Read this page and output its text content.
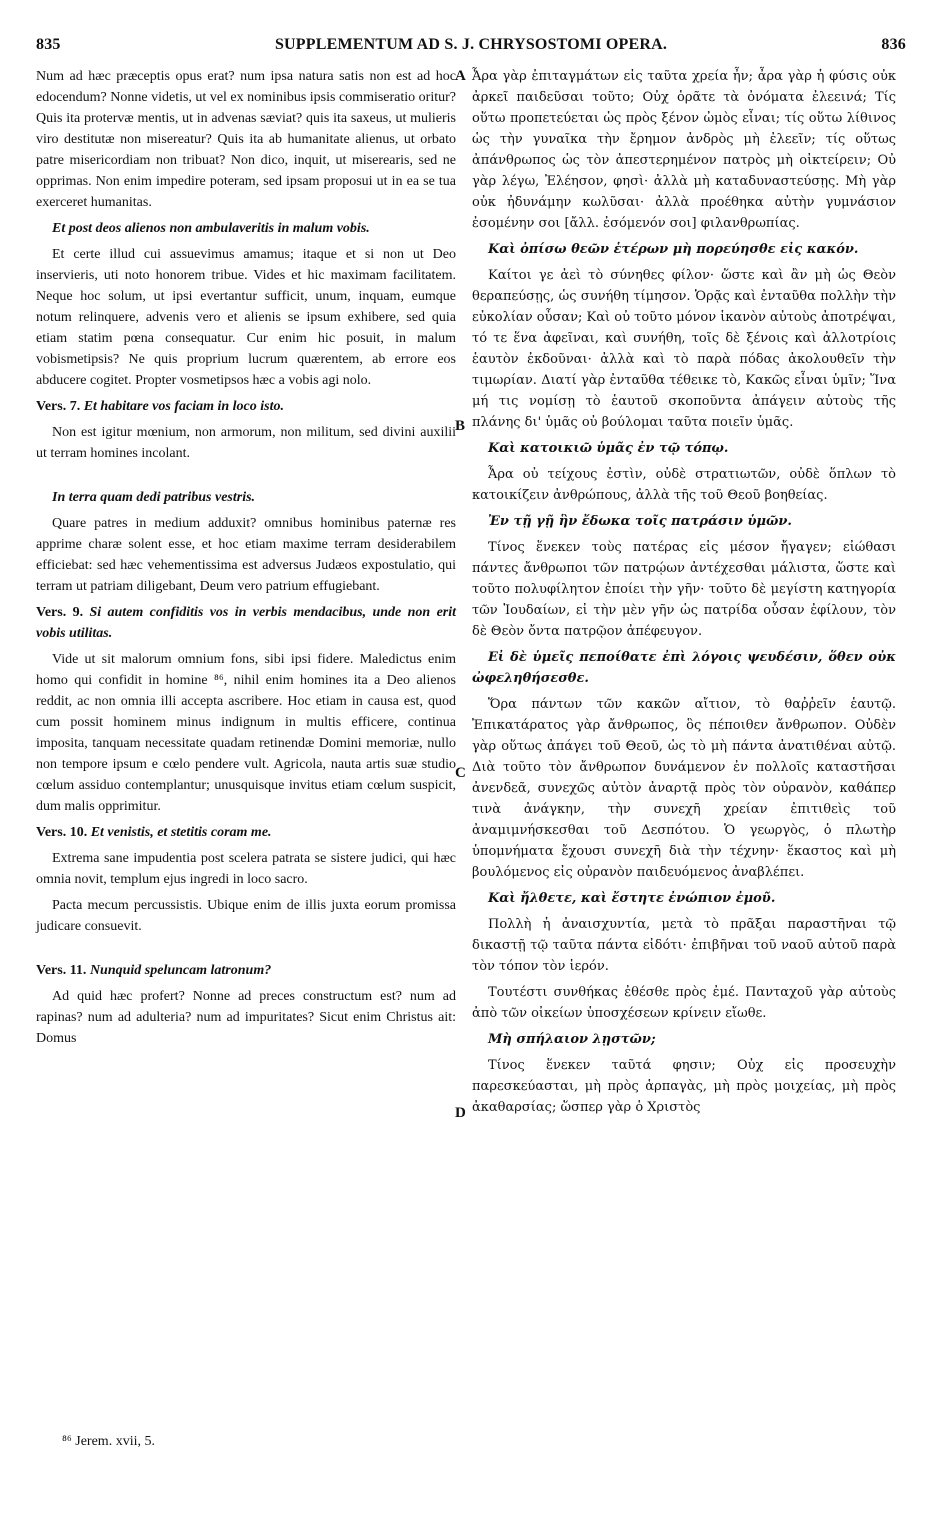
835	SUPPLEMENTUM AD S. J. CHRYSOSTOMI OPERA.	836

Num ad hæc præceptis opus erat? num ipsa natura satis non est ad hoc edocendum? Nonne videtis, ut vel ex nominibus ipsis commiseratio oritur? Quis ita protervæ mentis, ut in advenas sæviat? quis ita saxeus, ut mulieris viro destitutæ non misereatur? Quis ita ab humanitate alienus, ut orbato patre misericordiam non tribuat? Non dico, inquit, ut miserearis, sed ne opprimas. Non enim impedire poteram, sed ipsam proposui ut in ea se tua exerceret humanitas.

Et post deos alienos non ambulaveritis in malum vobis.

Et certe illud cui assuevimus amamus; itaque et si non ut Deo inservieris, uti noto honorem tribue. Vides et hic maximam facilitatem. Neque hoc solum, ut ipsi evertantur sufficit, unum, inquam, eumque notum relinquere, advenis vero et alienis se ipsum exhibere, sed quia etiam statim pœna consequatur. Cur enim hic posuit, in malum vobismetipsis? Ne quis proprium lucrum quærentem, ab errore eos abducere cogitet. Propter vosmetipsos hæc a vobis agi nolo.

Vers. 7. Et habitare vos faciam in loco isto.

Non est igitur mœnium, non armorum, non militum, sed divini auxilii ut terram homines incolant.

In terra quam dedi patribus vestris.

Quare patres in medium adduxit? omnibus hominibus paternæ res apprime charæ solent esse, et hoc etiam maxime terram desiderabilem efficiebat: sed hæc vehementissima est adversus Judæos expostulatio, qui terram ut patriam diligebant, Deum vero patrium effugiebant.

Vers. 9. Si autem confiditis vos in verbis mendacibus, unde non erit vobis utilitas.

Vide ut sit malorum omnium fons, sibi ipsi fidere. Maledictus enim homo qui confidit in homine ⁸⁶, nihil enim homines ita a Deo alienos reddit, ac non omnia illi accepta ascribere. Hoc etiam in causa est, quod cum possit hominem minus indignum in multis efficere, continua imposita, tanquam necessitate quadam retinendæ Domini memoriæ, nullo non tempore ipsum e cœlo pendere vult. Agricola, nauta artis suæ studio cœlum assiduo contemplantur; unusquisque invitus etiam cœlum suspicit, dum malis opprimitur.

Vers. 10. Et venistis, et stetitis coram me.

Extrema sane impudentia post scelera patrata se sistere judici, qui hæc omnia novit, templum ejus ingredi in loco sacro.

Pacta mecum percussistis. Ubique enim de illis juxta eorum promissa judicare consuevit.

Vers. 11. Nunquid speluncam latronum?

Ad quid hæc profert? Nonne ad preces constructum est? num ad rapinas? num ad adulteria? num ad impuritates? Sicut enim Christus ait: Domus

Ἆρα γὰρ ἐπιταγμάτων εἰς ταῦτα χρεία ἦν; ἆρα γὰρ ἡ φύσις οὐκ ἀρκεῖ παιδεῦσαι τοῦτο; Οὐχ ὁρᾶτε τὰ ὀνόματα ἐλεεινά; Τίς οὕτω προπετεύεται ὡς πρὸς ξένον ὠμὸς εἶναι; τίς οὕτω λίθινος ὡς τὴν γυναῖκα τὴν ἔρημον ἀνδρὸς μὴ ἐλεεῖν; τίς οὕτως ἀπάνθρωπος ὡς τὸν ἀπεστερημένον πατρὸς μὴ οἰκτείρειν; Οὐ γὰρ λέγω, Ἐλέησον, φησὶ· ἀλλὰ μὴ καταδυναστεύσῃς. Μὴ γὰρ οὐκ ἠδυνάμην κωλῦσαι· ἀλλὰ προέθηκα αὐτὴν γυμνάσιον ἐσομένην σοι [ἄλλ. ἐσόμενόν σοι] φιλανθρωπίας.

Καὶ ὀπίσω θεῶν ἑτέρων μὴ πορεύησθε εἰς κακόν.

Καίτοι γε ἀεὶ τὸ σύνηθες φίλον· ὥστε καὶ ἂν μὴ ὡς Θεὸν θεραπεύσῃς, ὡς συνήθη τίμησον. Ὁρᾷς καὶ ἐνταῦθα πολλὴν τὴν εὐκολίαν οὖσαν; Καὶ οὐ τοῦτο μόνον ἱκανὸν αὐτοὺς ἀποτρέψαι, τό τε ἕνα ἀφεῖναι, καὶ συνήθη, τοῖς δὲ ξένοις καὶ ἀλλοτρίοις ἑαυτὸν ἐκδοῦναι· ἀλλὰ καὶ τὸ παρὰ πόδας ἀκολουθεῖν τὴν τιμωρίαν. Διατί γὰρ ἐνταῦθα τέθεικε τὸ, Κακῶς εἶναι ὑμῖν; Ἵνα μή τις νομίσῃ τὸ ἑαυτοῦ σκοποῦντα ἀπάγειν αὐτοὺς τῆς πλάνης δι' ὑμᾶς οὐ βούλομαι ταῦτα ποιεῖν ὑμᾶς.

Καὶ κατοικιῶ ὑμᾶς ἐν τῷ τόπῳ.

Ἆρα οὐ τείχους ἐστὶν, οὐδὲ στρατιωτῶν, οὐδὲ ὅπλων τὸ κατοικίζειν ἀνθρώπους, ἀλλὰ τῆς τοῦ Θεοῦ βοηθείας.

Ἐν τῇ γῇ ἣν ἔδωκα τοῖς πατράσιν ὑμῶν.

Τίνος ἕνεκεν τοὺς πατέρας εἰς μέσον ἤγαγεν; εἰώθασι πάντες ἄνθρωποι τῶν πατρῴων ἀντέχεσθαι μάλιστα, ὥστε καὶ τοῦτο πολυφίλητον ἐποίει τὴν γῆν· τοῦτο δὲ μεγίστη κατηγορία τῶν Ἰουδαίων, εἰ τὴν μὲν γῆν ὡς πατρίδα οὖσαν ἐφίλουν, τὸν δὲ Θεὸν ὄντα πατρῷον ἀπέφευγον.

Εἰ δὲ ὑμεῖς πεποίθατε ἐπὶ λόγοις ψευδέσιν, ὅθεν οὐκ ὠφεληθήσεσθε.

Ὅρα πάντων τῶν κακῶν αἴτιον, τὸ θαῤῥεῖν ἑαυτῷ. Ἐπικατάρατος γὰρ ἄνθρωπος, ὃς πέποιθεν ἄνθρωπον. Οὐδὲν γὰρ οὕτως ἀπάγει τοῦ Θεοῦ, ὡς τὸ μὴ πάντα ἀνατιθέναι αὐτῷ. Διὰ τοῦτο τὸν ἄνθρωπον δυνάμενον ἐν πολλοῖς καταστῆσαι ἀνενδεᾶ, συνεχῶς αὐτὸν ἀναρτᾷ πρὸς τὸν οὐρανὸν, καθάπερ τινὰ ἀνάγκην, τὴν συνεχῆ χρείαν ἐπιτιθεὶς τοῦ ἀναμιμνήσκεσθαι τοῦ Δεσπότου. Ὁ γεωργὸς, ὁ πλωτὴρ ὑπομνήματα ἔχουσι συνεχῆ διὰ τὴν τέχνην· ἕκαστος καὶ μὴ βουλόμενος εἰς οὐρανὸν παιδευόμενος ἀναβλέπει.

Καὶ ἤλθετε, καὶ ἔστητε ἐνώπιον ἐμοῦ.

Πολλὴ ἡ ἀναισχυντία, μετὰ τὸ πρᾶξαι παραστῆναι τῷ δικαστῇ τῷ ταῦτα πάντα εἰδότι· ἐπιβῆναι τοῦ ναοῦ αὐτοῦ παρὰ τὸν τόπον τὸν ἱερόν.

Τουτέστι συνθήκας ἐθέσθε πρὸς ἐμέ. Πανταχοῦ γὰρ αὐτοὺς ἀπὸ τῶν οἰκείων ὑποσχέσεων κρίνειν εἴωθε.

Μὴ σπήλαιον λῃστῶν;

Τίνος ἕνεκεν ταῦτά φησιν; Οὐχ εἰς προσευχὴν παρεσκεύασται, μὴ πρὸς ἁρπαγὰς, μὴ πρὸς μοιχείας, μὴ πρὸς ἀκαθαρσίας; ὥσπερ γὰρ ὁ Χριστὸς

A
B
C
D
⁸⁶ Jerem. xvii, 5.
